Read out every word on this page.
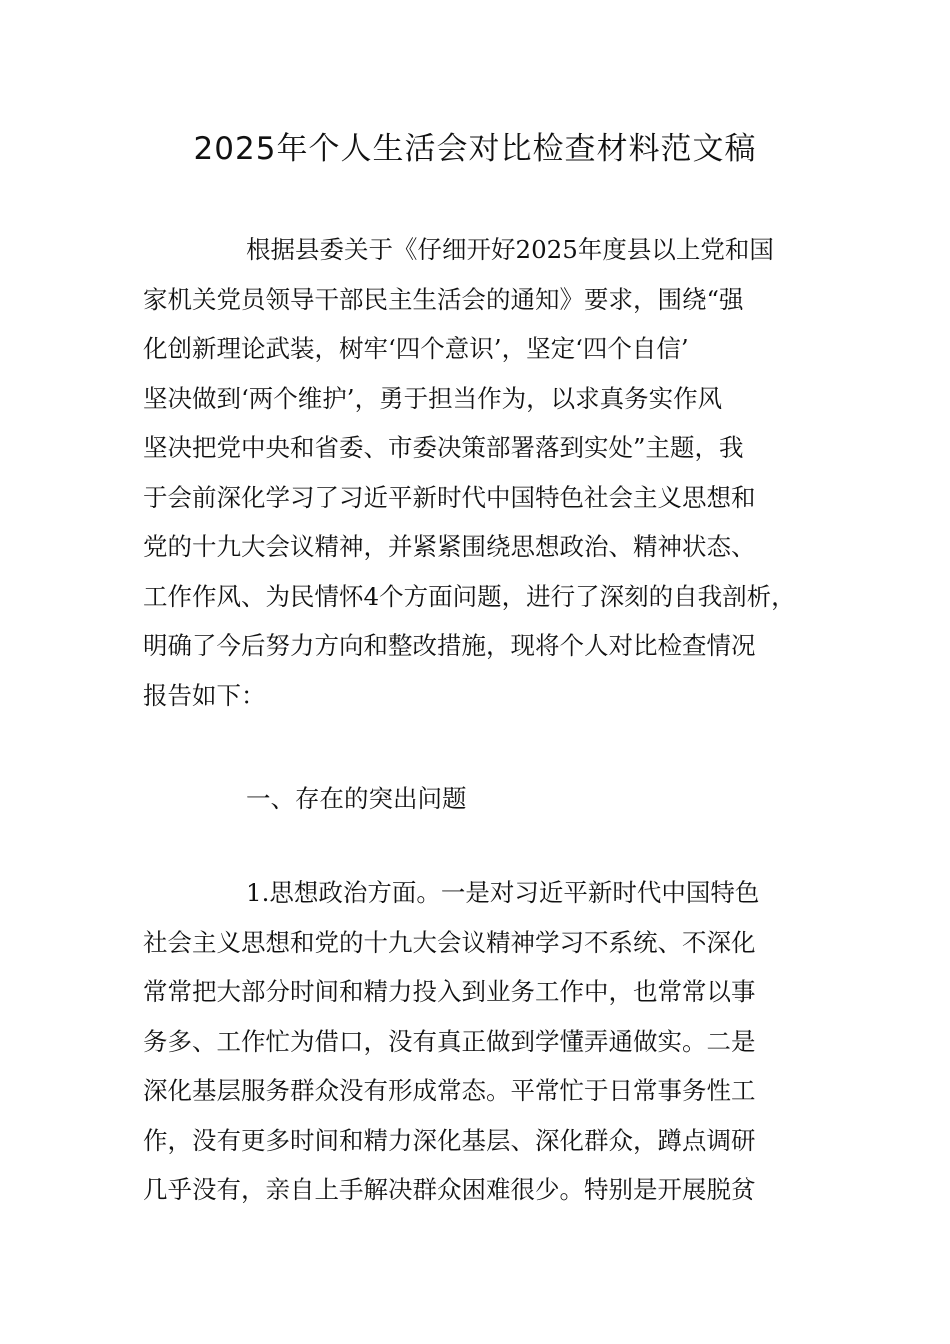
2025年个人生活会对比检查材料范文稿
根据县委关于《仔细开好2025年度县以上党和国
家机关党员领导干部民主生活会的通知》要求，围绕“强
化创新理论武装，树牢‘四个意识’，坚定‘四个自信’
坚决做到‘两个维护’，勇于担当作为，以求真务实作风
坚决把党中央和省委、市委决策部署落到实处”主题，我
于会前深化学习了习近平新时代中国特色社会主义思想和
党的十九大会议精神，并紧紧围绕思想政治、精神状态、
工作作风、为民情怀4个方面问题，进行了深刻的自我剖析，
明确了今后努力方向和整改措施，现将个人对比检查情况
报告如下：
一、存在的突出问题
1.思想政治方面。一是对习近平新时代中国特色
社会主义思想和党的十九大会议精神学习不系统、不深化
常常把大部分时间和精力投入到业务工作中，也常常以事
务多、工作忙为借口，没有真正做到学懂弄通做实。二是
深化基层服务群众没有形成常态。平常忙于日常事务性工
作，没有更多时间和精力深化基层、深化群众，蹲点调研
几乎没有，亲自上手解决群众困难很少。特别是开展脱贫
